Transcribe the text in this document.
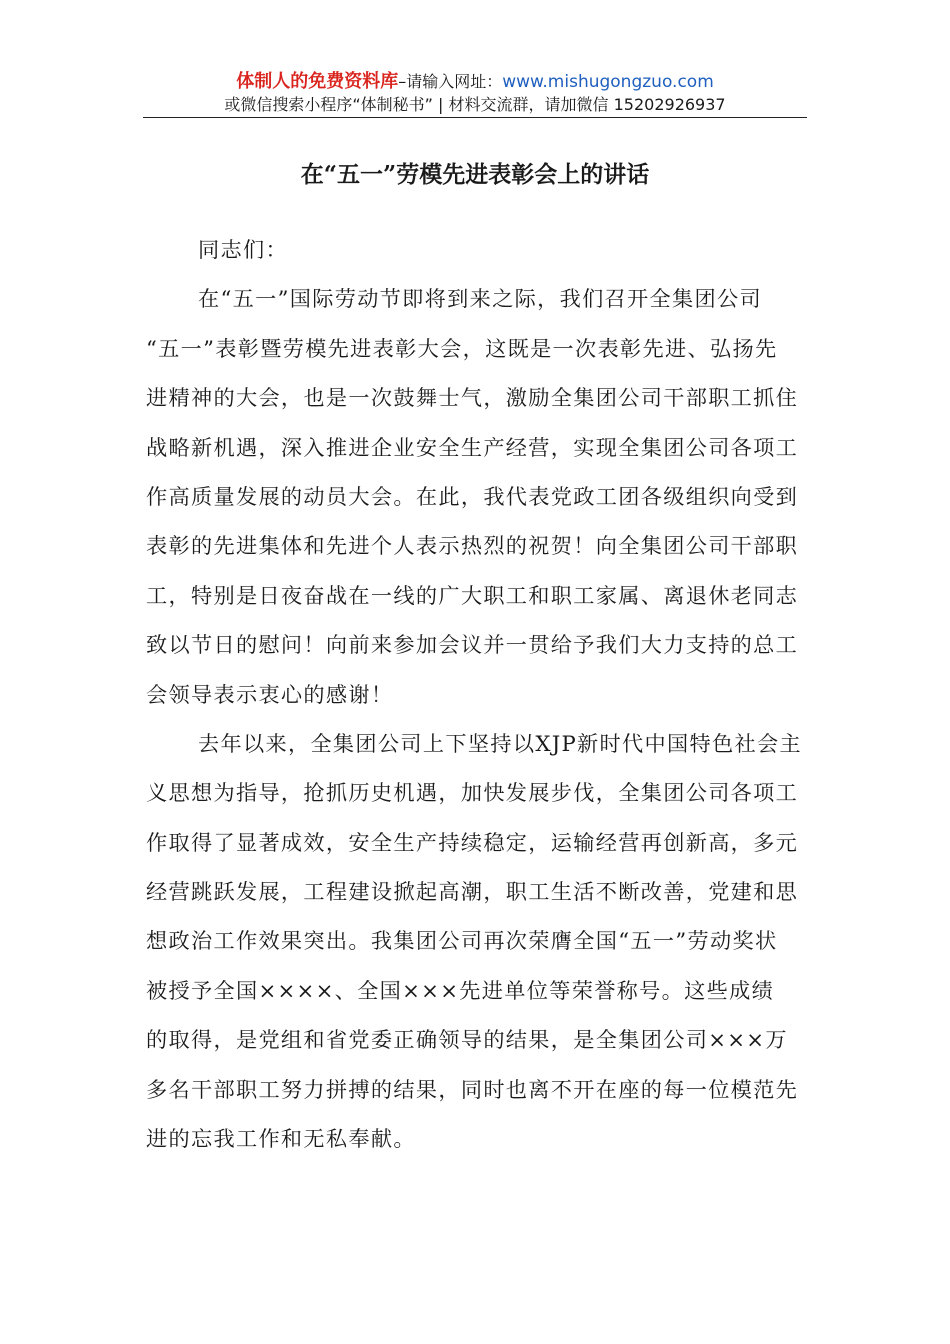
体制人的免费资料库–请输入网址：www.mishugongzuo.com
或微信搜索小程序“体制秘书” | 材料交流群，请加微信 15202926937
在“五一”劳模先进表彰会上的讲话
同志们：
在“五一”国际劳动节即将到来之际，我们召开全集团公司
“五一”表彰暨劳模先进表彰大会，这既是一次表彰先进、弘扬先
进精神的大会，也是一次鼓舞士气，激励全集团公司干部职工抓住
战略新机遇，深入推进企业安全生产经营，实现全集团公司各项工
作高质量发展的动员大会。在此，我代表党政工团各级组织向受到
表彰的先进集体和先进个人表示热烈的祝贺！向全集团公司干部职
工，特别是日夜奋战在一线的广大职工和职工家属、离退休老同志
致以节日的慰问！向前来参加会议并一贯给予我们大力支持的总工
会领导表示衷心的感谢！
去年以来，全集团公司上下坚持以XJP新时代中国特色社会主
义思想为指导，抢抓历史机遇，加快发展步伐，全集团公司各项工
作取得了显著成效，安全生产持续稳定，运输经营再创新高，多元
经营跳跃发展，工程建设掀起高潮，职工生活不断改善，党建和思
想政治工作效果突出。我集团公司再次荣膺全国“五一”劳动奖状
被授予全国××××、全国×××先进单位等荣誉称号。这些成绩
的取得，是党组和省党委正确领导的结果，是全集团公司×××万
多名干部职工努力拼搏的结果，同时也离不开在座的每一位模范先
进的忘我工作和无私奉献。
